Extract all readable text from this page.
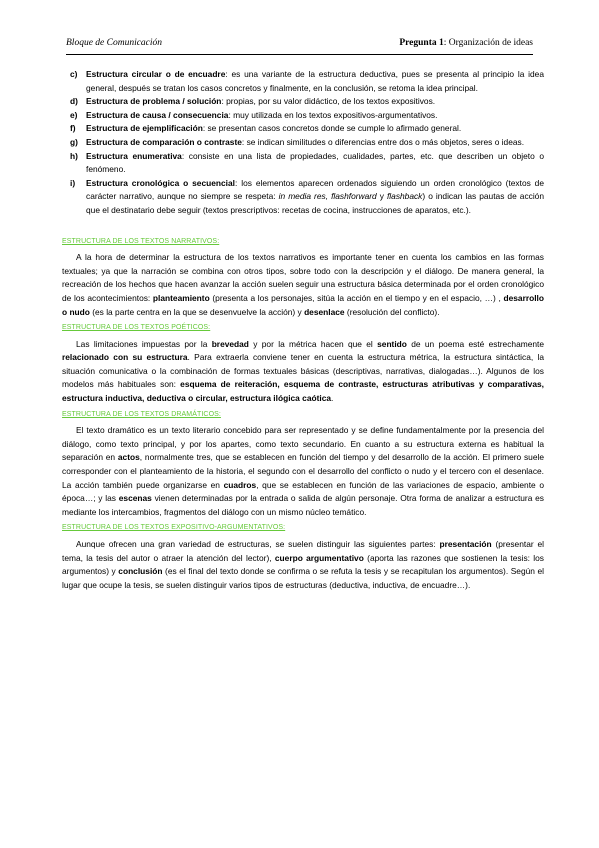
Bloque de Comunicación	Pregunta 1: Organización de ideas
c) Estructura circular o de encuadre: es una variante de la estructura deductiva, pues se presenta al principio la idea general, después se tratan los casos concretos y finalmente, en la conclusión, se retoma la idea principal.
d) Estructura de problema / solución: propias, por su valor didáctico, de los textos expositivos.
e) Estructura de causa / consecuencia: muy utilizada en los textos expositivos-argumentativos.
f) Estructura de ejemplificación: se presentan casos concretos donde se cumple lo afirmado general.
g) Estructura de comparación o contraste: se indican similitudes o diferencias entre dos o más objetos, seres o ideas.
h) Estructura enumerativa: consiste en una lista de propiedades, cualidades, partes, etc. que describen un objeto o fenómeno.
i) Estructura cronológica o secuencial: los elementos aparecen ordenados siguiendo un orden cronológico (textos de carácter narrativo, aunque no siempre se respeta: in media res, flashforward y flashback) o indican las pautas de acción que el destinatario debe seguir (textos prescriptivos: recetas de cocina, instrucciones de aparatos, etc.).
ESTRUCTURA DE LOS TEXTOS NARRATIVOS:

A la hora de determinar la estructura de los textos narrativos es importante tener en cuenta los cambios en las formas textuales; ya que la narración se combina con otros tipos, sobre todo con la descripción y el diálogo. De manera general, la recreación de los hechos que hacen avanzar la acción suelen seguir una estructura básica determinada por el orden cronológico de los acontecimientos: planteamiento (presenta a los personajes, sitúa la acción en el tiempo y en el espacio, …) , desarrollo o nudo (es la parte centra en la que se desenvuelve la acción) y desenlace (resolución del conflicto).

ESTRUCTURA DE LOS TEXTOS POÉTICOS:

Las limitaciones impuestas por la brevedad y por la métrica hacen que el sentido de un poema esté estrechamente relacionado con su estructura. Para extraerla conviene tener en cuenta la estructura métrica, la estructura sintáctica, la situación comunicativa o la combinación de formas textuales básicas (descriptivas, narrativas, dialogadas…). Algunos de los modelos más habituales son: esquema de reiteración, esquema de contraste, estructuras atributivas y comparativas, estructura inductiva, deductiva o circular, estructura ilógica caótica.

ESTRUCTURA DE LOS TEXTOS DRAMÁTICOS:

El texto dramático es un texto literario concebido para ser representado y se define fundamentalmente por la presencia del diálogo, como texto principal, y por los apartes, como texto secundario. En cuanto a su estructura externa es habitual la separación en actos, normalmente tres, que se establecen en función del tiempo y del desarrollo de la acción. El primero suele corresponder con el planteamiento de la historia, el segundo con el desarrollo del conflicto o nudo y el tercero con el desenlace. La acción también puede organizarse en cuadros, que se establecen en función de las variaciones de espacio, ambiente o época…; y las escenas vienen determinadas por la entrada o salida de algún personaje. Otra forma de analizar a estructura es mediante los intercambios, fragmentos del diálogo con un mismo núcleo temático.

ESTRUCTURA DE LOS TEXTOS EXPOSITIVO-ARGUMENTATIVOS:

Aunque ofrecen una gran variedad de estructuras, se suelen distinguir las siguientes partes: presentación (presentar el tema, la tesis del autor o atraer la atención del lector), cuerpo argumentativo (aporta las razones que sostienen la tesis: los argumentos) y conclusión (es el final del texto donde se confirma o se refuta la tesis y se recapitulan los argumentos). Según el lugar que ocupe la tesis, se suelen distinguir varios tipos de estructuras (deductiva, inductiva, de encuadre…).
